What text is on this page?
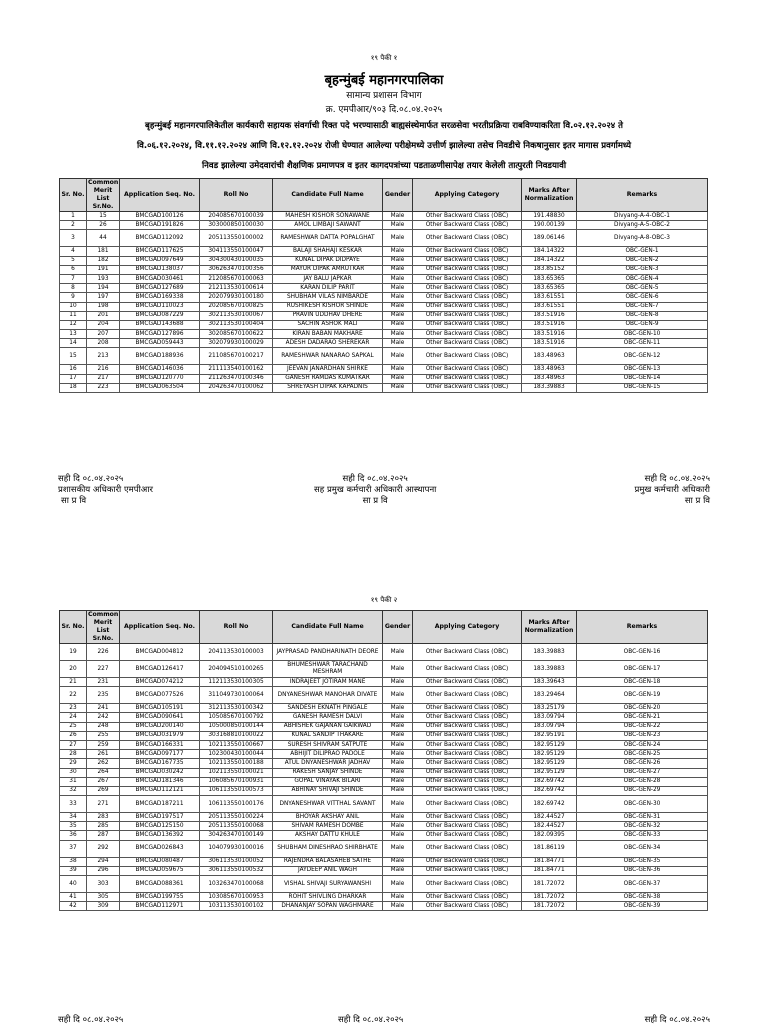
१९ पैकी १
बृहन्मुंबई महानगरपालिका
सामान्य प्रशासन विभाग
क्र. एमपीआर/९०३ दि.०८.०४.२०२५
बृहन्मुंबई महानगरपालिकेतील कार्यकारी सहायक संवर्गाची रिक्त पदे भरण्यासाठी बाह्यसंस्थेमार्फत सरळसेवा भरतीप्रक्रिया राबविण्याकरिता वि.०२.१२.२०२४ ते
वि.०६.१२.२०२४, वि.११.१२.२०२४ आणि वि.१२.१२.२०२४ रोजी घेण्यात आलेल्या परीक्षेमध्ये उत्तीर्ण झालेल्या तसेच निवडीचे निकषानुसार इतर मागास प्रवर्गामध्ये
निवड झालेल्या उमेदवारांची शैक्षणिक प्रमाणपत्र व इतर कागदपत्रांच्या पडताळणीसापेक्ष तयार केलेली तात्पुरती निवडयावी
Sr. No.	Common Merit List Sr.No.	Application Seq. No.	Roll No	Candidate Full Name	Gender	Applying Category	Marks After Normalization	Remarks
1	15	BMCGAD100126	204085670100039	MAHESH KISHOR SONAWANE	Male	Other Backward Class (OBC)	191.48830	Divyang-A-4-OBC-1
2	26	BMCGAD191826	303000850100030	AMOL LIMBAJI SAWANT	Male	Other Backward Class (OBC)	190.00139	Divyang-A-5-OBC-2
3	44	BMCGAD112092	205113550100002	RAMESHWAR DATTA POPALGHAT	Male	Other Backward Class (OBC)	189.06146	Divyang-A-8-OBC-3
4	181	BMCGAD117625	304113550100047	BALAJI SHAHAJI KESKAR	Male	Other Backward Class (OBC)	184.14322	OBC-GEN-1
5	182	BMCGAD097649	304300430100035	KUNAL DIPAK DIDPAYE	Male	Other Backward Class (OBC)	184.14322	OBC-GEN-2
6	191	BMCGAD138037	306263470100356	MAYUR DIPAK AMRUTKAR	Male	Other Backward Class (OBC)	183.85152	OBC-GEN-3
7	193	BMCGAD030461	212085670100063	JAY BALU JAPKAR	Male	Other Backward Class (OBC)	183.65365	OBC-GEN-4
8	194	BMCGAD127689	212113530100614	KARAN DILIP PARIT	Male	Other Backward Class (OBC)	183.65365	OBC-GEN-5
9	197	BMCGAD169338	202079930100180	SHUBHAM VILAS NIMBARDE	Male	Other Backward Class (OBC)	183.61551	OBC-GEN-6
10	198	BMCGAD110023	202085670100825	RUSHIKESH KISHOR SHINDE	Male	Other Backward Class (OBC)	183.61551	OBC-GEN-7
11	201	BMCGAD087229	302113530100067	PRAVIN UDDHAV DHERE	Male	Other Backward Class (OBC)	183.51916	OBC-GEN-8
12	204	BMCGAD143688	302113530100404	SACHIN ASHOK MALI	Male	Other Backward Class (OBC)	183.51916	OBC-GEN-9
13	207	BMCGAD127896	302085670100622	KIRAN BABAN MAKHARE	Male	Other Backward Class (OBC)	183.51916	OBC-GEN-10
14	208	BMCGAD059443	302079930100029	ADESH DADARAO SHEREKAR	Male	Other Backward Class (OBC)	183.51916	OBC-GEN-11
15	213	BMCGAD188936	211085670100217	RAMESHWAR NANARAO SAPKAL	Male	Other Backward Class (OBC)	183.48963	OBC-GEN-12
16	216	BMCGAD146036	211113540100162	JEEVAN JANARDHAN SHIRKE	Male	Other Backward Class (OBC)	183.48963	OBC-GEN-13
17	217	BMCGAD120770	211263470100346	GANESH RAMDAS KUMATKAR	Male	Other Backward Class (OBC)	183.48963	OBC-GEN-14
18	223	BMCGAD063504	204263470100062	SHREYASH DIPAK KAPADNIS	Male	Other Backward Class (OBC)	183.39883	OBC-GEN-15
सही दि ०८.०४.२०२५
प्रशासकीय अधिकारी एमपीआर
सा प्र वि
सही दि ०८.०४.२०२५
सह प्रमुख कर्मचारी अधिकारी आस्थापना
सा प्र वि
सही दि ०८.०४.२०२५
प्रमुख कर्मचारी अधिकारी
सा प्र वि
१९ पैकी २
Sr. No.	Common Merit List Sr.No.	Application Seq. No.	Roll No	Candidate Full Name	Gender	Applying Category	Marks After Normalization	Remarks
19	226	BMCGAD004812	204113530100003	JAYPRASAD PANDHARINATH DEORE	Male	Other Backward Class (OBC)	183.39883	OBC-GEN-16
20	227	BMCGAD126417	204094510100265	BHUMESHWAR TARACHAND MESHRAM	Male	Other Backward Class (OBC)	183.39883	OBC-GEN-17
21	231	BMCGAD074212	112113530100305	INDRAJEET JOTIRAM MANE	Male	Other Backward Class (OBC)	183.39643	OBC-GEN-18
22	235	BMCGAD077526	311049730100064	DNYANESHWAR MANOHAR DIVATE	Male	Other Backward Class (OBC)	183.29464	OBC-GEN-19
23	241	BMCGAD105191	312113530100342	SANDESH EKNATH PINGALE	Male	Other Backward Class (OBC)	183.25179	OBC-GEN-20
24	242	BMCGAD090641	105085670100792	GANESH RAMESH DALVI	Male	Other Backward Class (OBC)	183.09794	OBC-GEN-21
25	248	BMCGAD200140	105000850100144	ABHISHEK GAJANAN GAIKWAD	Male	Other Backward Class (OBC)	183.09794	OBC-GEN-22
26	255	BMCGAD031979	303168810100022	KUNAL SANDIP THAKARE	Male	Other Backward Class (OBC)	182.95191	OBC-GEN-23
27	259	BMCGAD166331	102113550100667	SURESH SHIVRAM SATPUTE	Male	Other Backward Class (OBC)	182.95129	OBC-GEN-24
28	261	BMCGAD097177	102300430100044	ABHIJIT DILIPRAO PADOLE	Male	Other Backward Class (OBC)	182.95129	OBC-GEN-25
29	262	BMCGAD167735	102113550100188	ATUL DNYANESHWAR JADHAV	Male	Other Backward Class (OBC)	182.95129	OBC-GEN-26
30	264	BMCGAD030242	102113550100021	RAKESH SANJAY SHINDE	Male	Other Backward Class (OBC)	182.95129	OBC-GEN-27
31	267	BMCGAD181346	106085670100931	GOPAL VINAYAK BILARI	Male	Other Backward Class (OBC)	182.69742	OBC-GEN-28
32	269	BMCGAD112121	106113550100573	ABHINAY SHIVAJI SHINDE	Male	Other Backward Class (OBC)	182.69742	OBC-GEN-29
33	271	BMCGAD187211	106113550100176	DNYANESHWAR VITTHAL SAVANT	Male	Other Backward Class (OBC)	182.69742	OBC-GEN-30
34	283	BMCGAD197517	205113550100224	BHOYAR AKSHAY ANIL	Male	Other Backward Class (OBC)	182.44527	OBC-GEN-31
35	285	BMCGAD125150	205113550100068	SHIVAM RAMESH DOMBE	Male	Other Backward Class (OBC)	182.44527	OBC-GEN-32
36	287	BMCGAD136392	304263470100149	AKSHAY DATTU KHULE	Male	Other Backward Class (OBC)	182.09395	OBC-GEN-33
37	292	BMCGAD026843	104079930100016	SHUBHAM DINESHRAO SHIRBHATE	Male	Other Backward Class (OBC)	181.86119	OBC-GEN-34
38	294	BMCGAD080487	306113530100052	RAJENDRA BALASAHEB SATHE	Male	Other Backward Class (OBC)	181.84771	OBC-GEN-35
39	296	BMCGAD059675	306113550100532	JAYDEEP ANIL WAGH	Male	Other Backward Class (OBC)	181.84771	OBC-GEN-36
40	303	BMCGAD088361	103263470100068	VISHAL SHIVAJI SURYAWANSHI	Male	Other Backward Class (OBC)	181.72072	OBC-GEN-37
41	305	BMCGAD199755	103085670100953	ROHIT SHIVLING DHARKAR	Male	Other Backward Class (OBC)	181.72072	OBC-GEN-38
42	309	BMCGAD112971	103113530100102	DHANANJAY SOPAN WAGHMARE	Male	Other Backward Class (OBC)	181.72072	OBC-GEN-39
सही दि ०८.०४.२०२५	सही दि ०८.०४.२०२५	सही दि ०८.०४.२०२५
